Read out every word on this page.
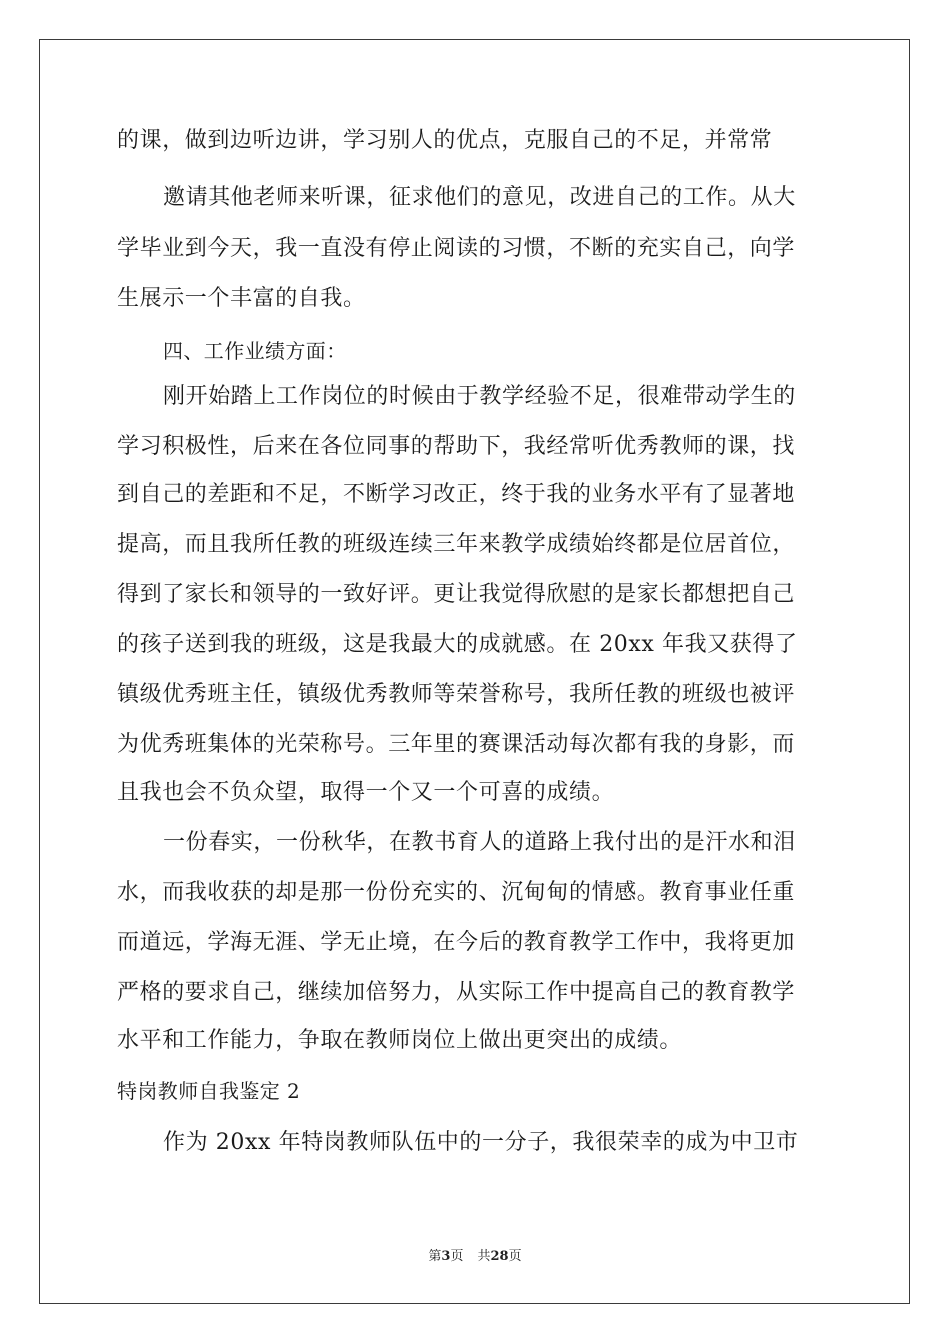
的课，做到边听边讲，学习别人的优点，克服自己的不足，并常常
邀请其他老师来听课，征求他们的意见，改进自己的工作。从大
学毕业到今天，我一直没有停止阅读的习惯，不断的充实自己，向学
生展示一个丰富的自我。
四、工作业绩方面：
刚开始踏上工作岗位的时候由于教学经验不足，很难带动学生的
学习积极性，后来在各位同事的帮助下，我经常听优秀教师的课，找
到自己的差距和不足，不断学习改正，终于我的业务水平有了显著地
提高，而且我所任教的班级连续三年来教学成绩始终都是位居首位，
得到了家长和领导的一致好评。更让我觉得欣慰的是家长都想把自己
的孩子送到我的班级，这是我最大的成就感。在 20xx 年我又获得了
镇级优秀班主任，镇级优秀教师等荣誉称号，我所任教的班级也被评
为优秀班集体的光荣称号。三年里的赛课活动每次都有我的身影，而
且我也会不负众望，取得一个又一个可喜的成绩。
一份春实，一份秋华，在教书育人的道路上我付出的是汗水和泪
水，而我收获的却是那一份份充实的、沉甸甸的情感。教育事业任重
而道远，学海无涯、学无止境，在今后的教育教学工作中，我将更加
严格的要求自己，继续加倍努力，从实际工作中提高自己的教育教学
水平和工作能力，争取在教师岗位上做出更突出的成绩。
特岗教师自我鉴定 2
作为 20xx 年特岗教师队伍中的一分子，我很荣幸的成为中卫市
第3页 共28页
